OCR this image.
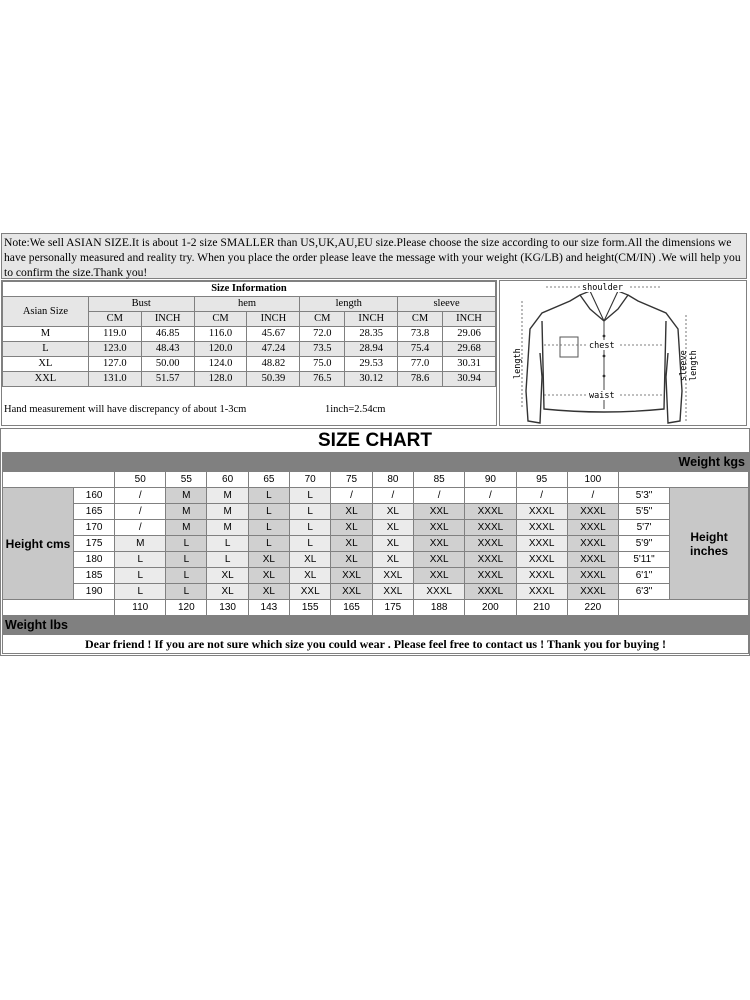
Note:We sell ASIAN SIZE.It is about 1-2 size SMALLER than US,UK,AU,EU size.Please choose the size according to our size form.All the dimensions we have personally measured and reality try. When you place the order please leave the message with your weight (KG/LB) and height(CM/IN) .We will help you to confirm the size.Thank you!
Size Information								
Asian Size	Bust		hem		length		sleeve	
	CM	INCH	CM	INCH	CM	INCH	CM	INCH
M	119.0	46.85	116.0	45.67	72.0	28.35	73.8	29.06
L	123.0	48.43	120.0	47.24	73.5	28.94	75.4	29.68
XL	127.0	50.00	124.0	48.82	75.0	29.53	77.0	30.31
XXL	131.0	51.57	128.0	50.39	76.5	30.12	78.6	30.94
Hand measurement will have discrepancy of about 1-3cm	1inch=2.54cm
shoulder
chest
waist
length	sleeve length
SIZE CHART
Weight kgs														
		50	55	60	65	70	75	80	85	90	95	100		
Height cms	160	/	M	M	L	L	/	/	/	/	/	/	5'3"	Height inches
	165	/	M	M	L	L	XL	XL	XXL	XXXL	XXXL	XXXL	5'5"	
	170	/	M	M	L	L	XL	XL	XXL	XXXL	XXXL	XXXL	5'7'	
	175	M	L	L	L	L	XL	XL	XXL	XXXL	XXXL	XXXL	5'9"	
	180	L	L	L	XL	XL	XL	XL	XXL	XXXL	XXXL	XXXL	5'11"	
	185	L	L	XL	XL	XL	XXL	XXL	XXL	XXXL	XXXL	XXXL	6'1"	
	190	L	L	XL	XL	XXL	XXL	XXL	XXXL	XXXL	XXXL	XXXL	6'3"	
		110	120	130	143	155	165	175	188	200	210	220		
Weight lbs														
Dear friend ! If you are not sure which size you could wear . Please feel free to contact us ! Thank you for buying !														
